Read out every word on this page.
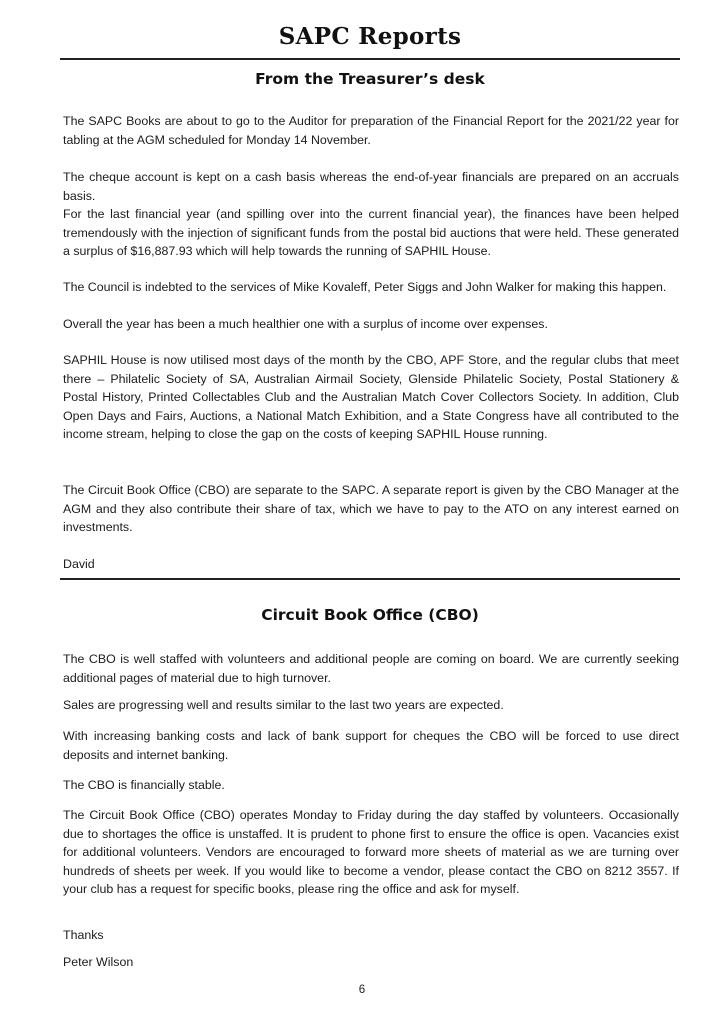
SAPC Reports
From the Treasurer’s desk

The SAPC Books are about to go to the Auditor for preparation of the Financial Report for the 2021/22 year for tabling at the AGM scheduled for Monday 14 November.

The cheque account is kept on a cash basis whereas the end-of-year financials are prepared on an accruals basis.

For the last financial year (and spilling over into the current financial year), the finances have been helped tremendously with the injection of significant funds from the postal bid auctions that were held. These generated a surplus of $16,887.93 which will help towards the running of SAPHIL House.

The Council is indebted to the services of Mike Kovaleff, Peter Siggs and John Walker for making this happen.

Overall the year has been a much healthier one with a surplus of income over expenses.

SAPHIL House is now utilised most days of the month by the CBO, APF Store, and the regular clubs that meet there – Philatelic Society of SA, Australian Airmail Society, Glenside Philatelic Society, Postal Stationery & Postal History, Printed Collectables Club and the Australian Match Cover Collectors Society. In addition, Club Open Days and Fairs, Auctions, a National Match Exhibition, and a State Congress have all contributed to the income stream, helping to close the gap on the costs of keeping SAPHIL House running.

The Circuit Book Office (CBO) are separate to the SAPC. A separate report is given by the CBO Manager at the AGM and they also contribute their share of tax, which we have to pay to the ATO on any interest earned on investments.

David

Circuit Book Office (CBO)

The CBO is well staffed with volunteers and additional people are coming on board. We are currently seeking additional pages of material due to high turnover.

Sales are progressing well and results similar to the last two years are expected.

With increasing banking costs and lack of bank support for cheques the CBO will be forced to use direct deposits and internet banking.

The CBO is financially stable.

The Circuit Book Office (CBO) operates Monday to Friday during the day staffed by volunteers. Occasionally due to shortages the office is unstaffed. It is prudent to phone first to ensure the office is open. Vacancies exist for additional volunteers. Vendors are encouraged to forward more sheets of material as we are turning over hundreds of sheets per week. If you would like to become a vendor, please contact the CBO on 8212 3557. If your club has a request for specific books, please ring the office and ask for myself.

Thanks

Peter Wilson

6
